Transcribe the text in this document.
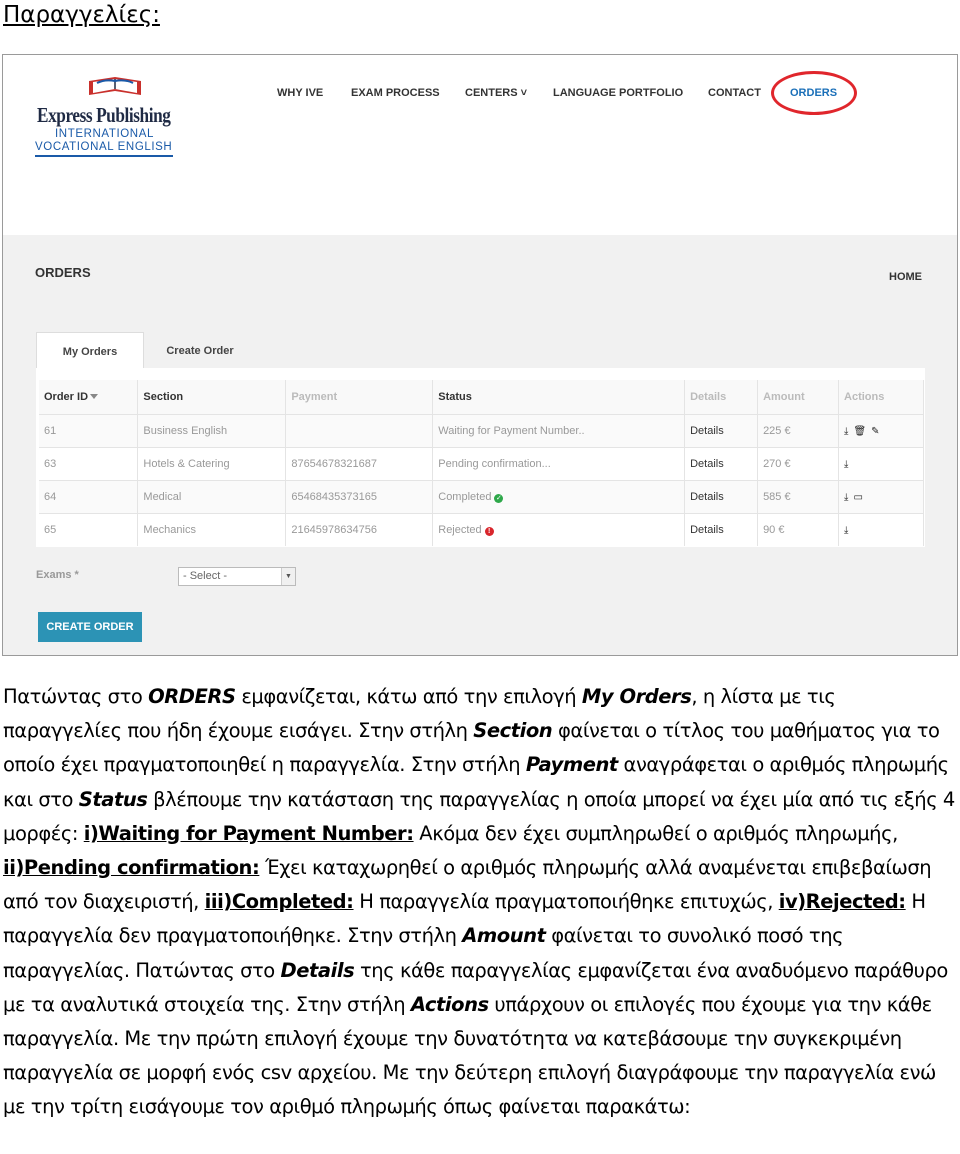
Παραγγελίες:
Express Publishing
INTERNATIONAL
VOCATIONAL ENGLISH
WHY IVE	EXAM PROCESS CENTERS ˅ LANGUAGE PORTFOLIO CONTACT	ORDERS
ORDERS	HOME
My Orders	Create Order
Order ID	Section	Payment	Status	Details	Amount	Actions
61	Business English		Waiting for Payment Number..	Details	225 €	⤓ 🗑 ✎
63	Hotels & Catering	87654678321687	Pending confirmation...	Details	270 €	⤓
64	Medical	65468435373165	Completed ✓	Details	585 €	⤓ ▭
65	Mechanics	21645978634756	Rejected !	Details	90 €	⤓
Exams *	- Select -	▼
CREATE ORDER
Πατώντας στο ORDERS εμφανίζεται, κάτω από την επιλογή My Orders, η λίστα με τις παραγγελίες που ήδη έχουμε εισάγει. Στην στήλη Section φαίνεται ο τίτλος του μαθήματος για το οποίο έχει πραγματοποιηθεί η παραγγελία. Στην στήλη Payment αναγράφεται ο αριθμός πληρωμής και στο Status βλέπουμε την κατάσταση της παραγγελίας η οποία μπορεί να έχει μία από τις εξής 4 μορφές: i)Waiting for Payment Number: Ακόμα δεν έχει συμπληρωθεί ο αριθμός πληρωμής, ii)Pending confirmation: Έχει καταχωρηθεί ο αριθμός πληρωμής αλλά αναμένεται επιβεβαίωση από τον διαχειριστή, iii)Completed: Η παραγγελία πραγματοποιήθηκε επιτυχώς, iv)Rejected: Η παραγγελία δεν πραγματοποιήθηκε. Στην στήλη Amount φαίνεται το συνολικό ποσό της παραγγελίας. Πατώντας στο Details της κάθε παραγγελίας εμφανίζεται ένα αναδυόμενο παράθυρο με τα αναλυτικά στοιχεία της. Στην στήλη Actions υπάρχουν οι επιλογές που έχουμε για την κάθε παραγγελία. Με την πρώτη επιλογή έχουμε την δυνατότητα να κατεβάσουμε την συγκεκριμένη παραγγελία σε μορφή ενός csv αρχείου. Με την δεύτερη επιλογή διαγράφουμε την παραγγελία ενώ με την τρίτη εισάγουμε τον αριθμό πληρωμής όπως φαίνεται παρακάτω:
